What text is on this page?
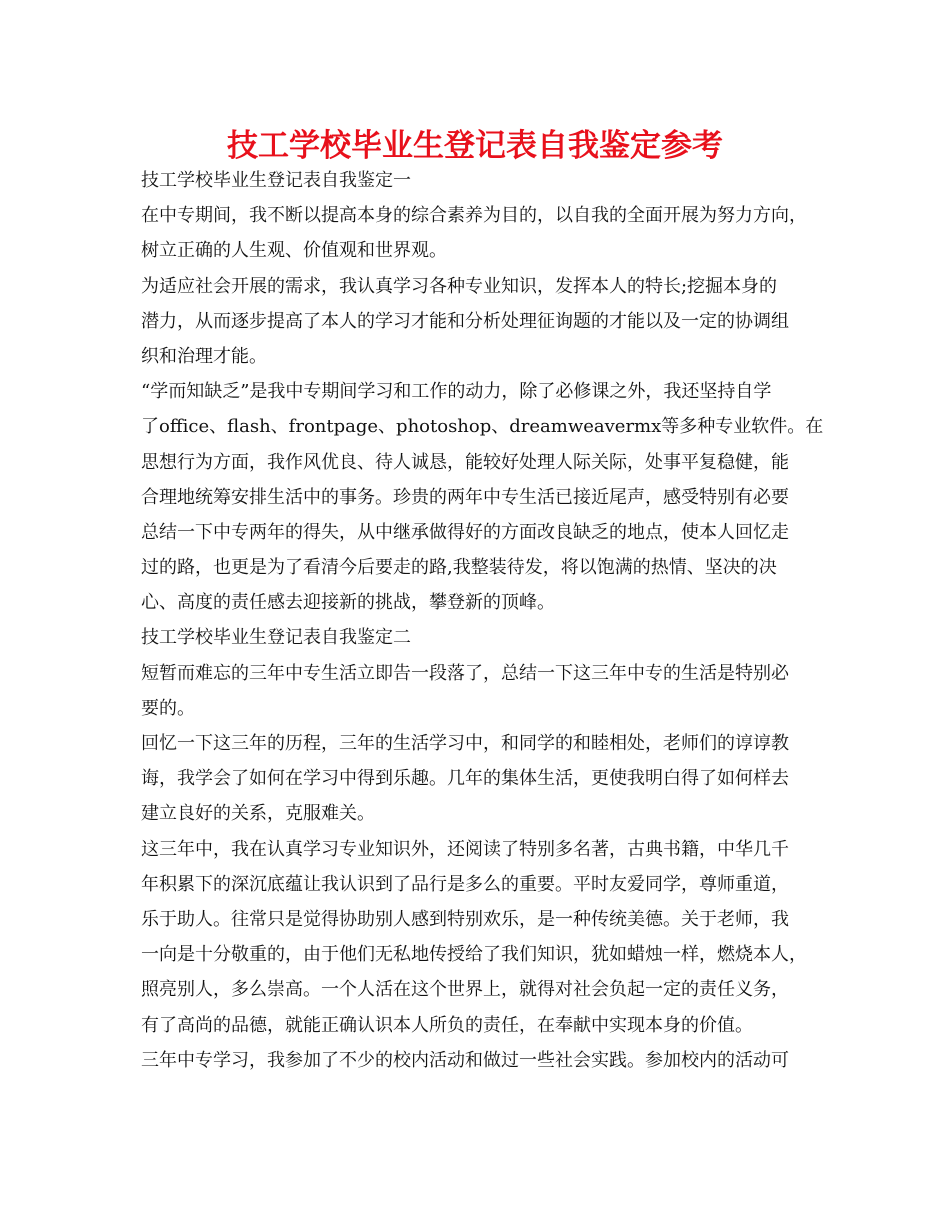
技工学校毕业生登记表自我鉴定参考
技工学校毕业生登记表自我鉴定一
在中专期间，我不断以提高本身的综合素养为目的，以自我的全面开展为努力方向，
树立正确的人生观、价值观和世界观。
为适应社会开展的需求，我认真学习各种专业知识，发挥本人的特长;挖掘本身的
潜力，从而逐步提高了本人的学习才能和分析处理征询题的才能以及一定的协调组
织和治理才能。
“学而知缺乏”是我中专期间学习和工作的动力，除了必修课之外，我还坚持自学
了office、flash、frontpage、photoshop、dreamweavermx等多种专业软件。在
思想行为方面，我作风优良、待人诚恳，能较好处理人际关际，处事平复稳健，能
合理地统筹安排生活中的事务。珍贵的两年中专生活已接近尾声，感受特别有必要
总结一下中专两年的得失，从中继承做得好的方面改良缺乏的地点，使本人回忆走
过的路，也更是为了看清今后要走的路,我整装待发，将以饱满的热情、坚决的决
心、高度的责任感去迎接新的挑战，攀登新的顶峰。
技工学校毕业生登记表自我鉴定二
短暂而难忘的三年中专生活立即告一段落了，总结一下这三年中专的生活是特别必
要的。
回忆一下这三年的历程，三年的生活学习中，和同学的和睦相处，老师们的谆谆教
诲，我学会了如何在学习中得到乐趣。几年的集体生活，更使我明白得了如何样去
建立良好的关系，克服难关。
这三年中，我在认真学习专业知识外，还阅读了特别多名著，古典书籍，中华几千
年积累下的深沉底蕴让我认识到了品行是多么的重要。平时友爱同学，尊师重道，
乐于助人。往常只是觉得协助别人感到特别欢乐，是一种传统美德。关于老师，我
一向是十分敬重的，由于他们无私地传授给了我们知识，犹如蜡烛一样，燃烧本人，
照亮别人，多么崇高。一个人活在这个世界上，就得对社会负起一定的责任义务，
有了高尚的品德，就能正确认识本人所负的责任，在奉献中实现本身的价值。
三年中专学习，我参加了不少的校内活动和做过一些社会实践。参加校内的活动可
